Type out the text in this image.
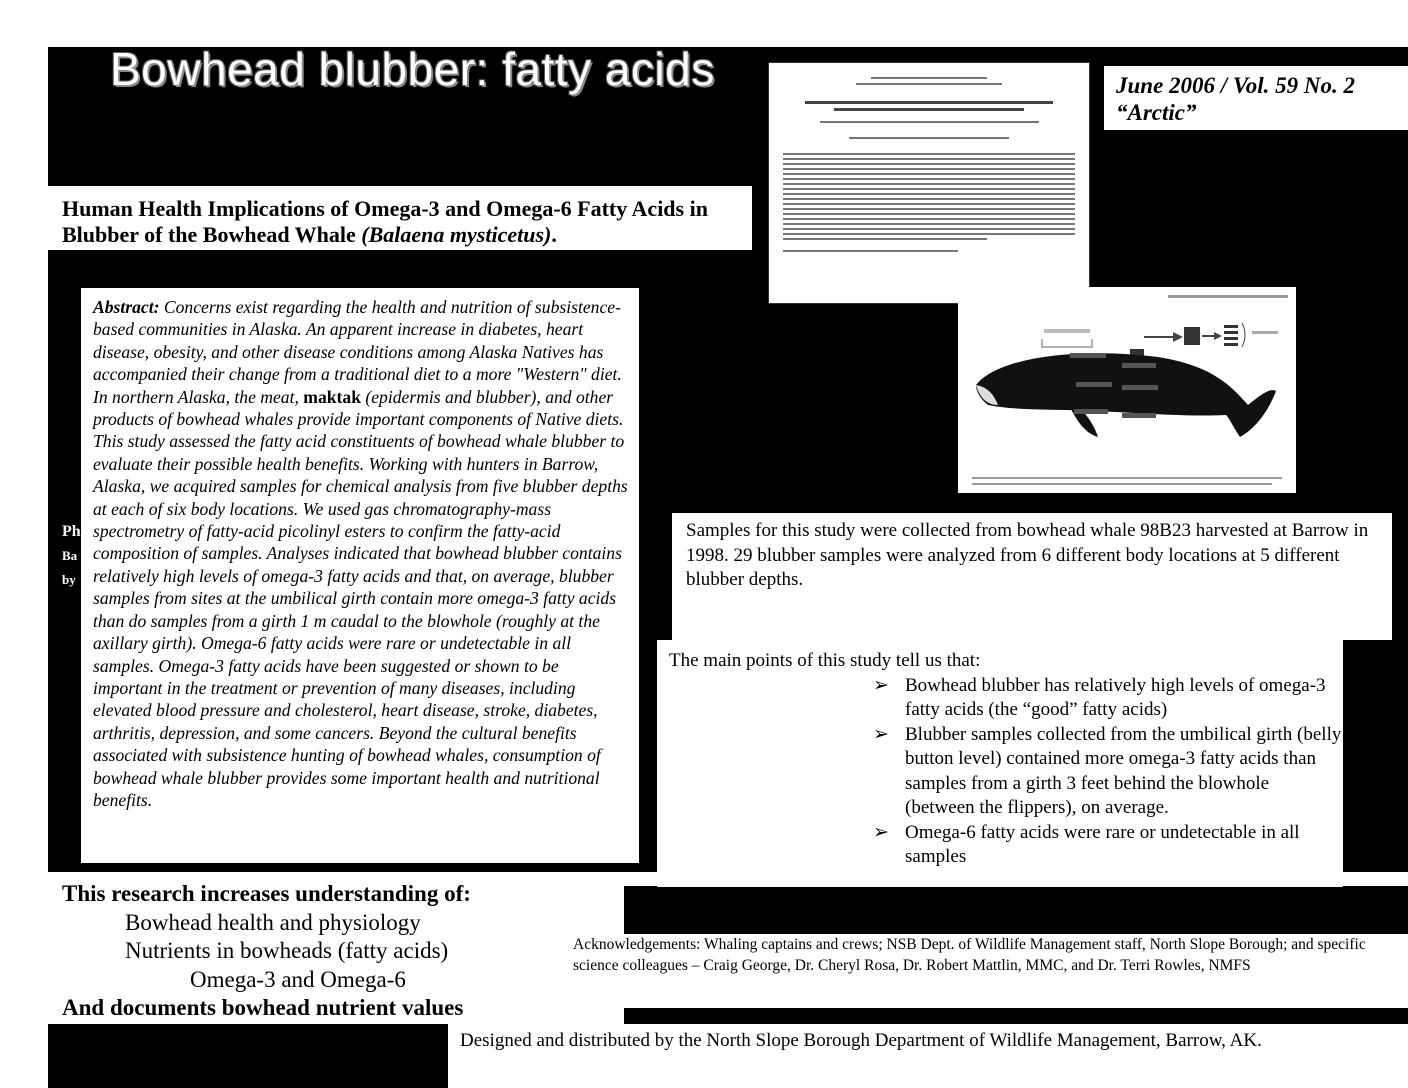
Bowhead blubber: fatty acids	June 2006 / Vol. 59 No. 2
“Arctic”
Human Health Implications of Omega-3 and Omega-6 Fatty Acids in Blubber of the Bowhead Whale (Balaena mysticetus).
Ph
Ba
by
Abstract: Concerns exist regarding the health and nutrition of subsistence-based communities in Alaska. An apparent increase in diabetes, heart disease, obesity, and other disease conditions among Alaska Natives has accompanied their change from a traditional diet to a more "Western" diet. In northern Alaska, the meat, maktak (epidermis and blubber), and other products of bowhead whales provide important components of Native diets. This study assessed the fatty acid constituents of bowhead whale blubber to evaluate their possible health benefits. Working with hunters in Barrow, Alaska, we acquired samples for chemical analysis from five blubber depths at each of six body locations. We used gas chromatography-mass spectrometry of fatty-acid picolinyl esters to confirm the fatty-acid composition of samples. Analyses indicated that bowhead blubber contains relatively high levels of omega-3 fatty acids and that, on average, blubber samples from sites at the umbilical girth contain more omega-3 fatty acids than do samples from a girth 1 m caudal to the blowhole (roughly at the axillary girth). Omega-6 fatty acids were rare or undetectable in all samples. Omega-3 fatty acids have been suggested or shown to be important in the treatment or prevention of many diseases, including elevated blood pressure and cholesterol, heart disease, stroke, diabetes, arthritis, depression, and some cancers. Beyond the cultural benefits associated with subsistence hunting of bowhead whales, consumption of bowhead whale blubber provides some important health and nutritional benefits.
Samples for this study were collected from bowhead whale 98B23 harvested at Barrow in 1998. 29 blubber samples were analyzed from 6 different body locations at 5 different blubber depths.
The main points of this study tell us that:
➢ Bowhead blubber has relatively high levels of omega-3 fatty acids (the “good” fatty acids)
➢ Blubber samples collected from the umbilical girth (belly button level) contained more omega-3 fatty acids than samples from a girth 3 feet behind the blowhole (between the flippers), on average.
➢ Omega-6 fatty acids were rare or undetectable in all samples
This research increases understanding of:
Bowhead health and physiology
Nutrients in bowheads (fatty acids)
Omega-3 and Omega-6
And documents bowhead nutrient values
Acknowledgements: Whaling captains and crews; NSB Dept. of Wildlife Management staff, North Slope Borough; and specific science colleagues – Craig George, Dr. Cheryl Rosa, Dr. Robert Mattlin, MMC, and Dr. Terri Rowles, NMFS
Designed and distributed by the North Slope Borough Department of Wildlife Management, Barrow, AK.
